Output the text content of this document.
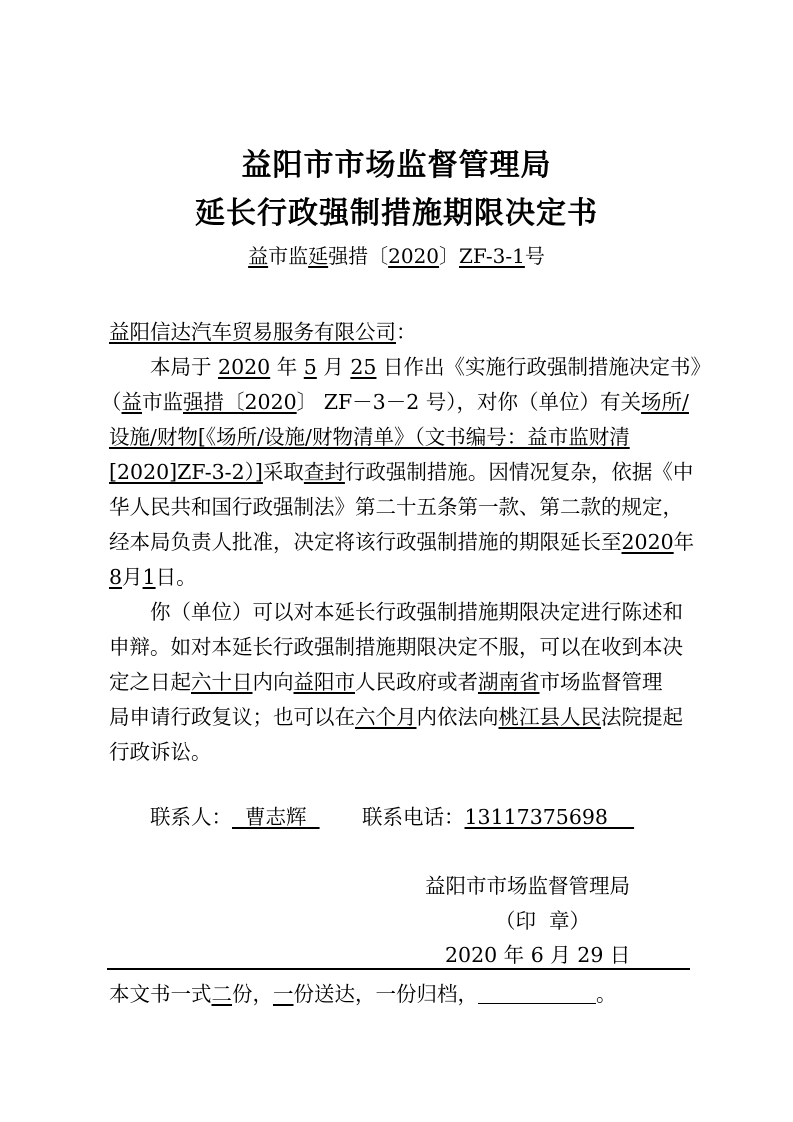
益阳市市场监督管理局
延长行政强制措施期限决定书
益市监延强措〔2020〕ZF-3-1号
益阳信达汽车贸易服务有限公司：
本局于 2020 年 5 月 25 日作出《实施行政强制措施决定书》
（益市监强措〔2020〕 ZF－3－2 号），对你（单位）有关场所/
设施/财物[《场所/设施/财物清单》（文书编号：益市监财清
[2020]ZF-3-2）]采取查封行政强制措施。因情况复杂，依据《中
华人民共和国行政强制法》第二十五条第一款、第二款的规定，
经本局负责人批准，决定将该行政强制措施的期限延长至2020年
8月1日。
你（单位）可以对本延长行政强制措施期限决定进行陈述和
申辩。如对本延长行政强制措施期限决定不服，可以在收到本决
定之日起六十日内向益阳市人民政府或者湖南省市场监督管理
局申请行政复议；也可以在六个月内依法向桃江县人民法院提起
行政诉讼。
联系人： 曹志辉	联系电话：13117375698
益阳市市场监督管理局
（印  章）
2020 年 6 月 29 日
本文书一式二份，一份送达，一份归档，	。
